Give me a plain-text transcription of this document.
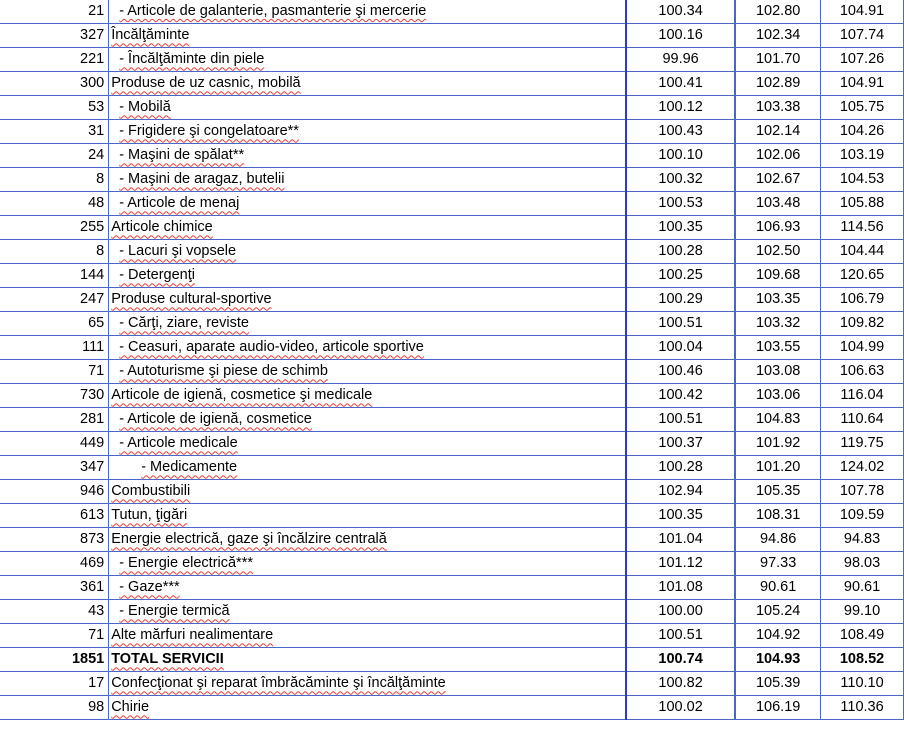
21	- Articole de galanterie, pasmanterie şi mercerie	100.34		102.80	104.91
327	Încălţăminte	100.16		102.34	107.74
221	- Încălţăminte din piele	99.96		101.70	107.26
300	Produse de uz casnic, mobilă	100.41		102.89	104.91
53	- Mobilă	100.12		103.38	105.75
31	- Frigidere şi congelatoare**	100.43		102.14	104.26
24	- Maşini de spălat**	100.10		102.06	103.19
8	- Maşini de aragaz, butelii	100.32		102.67	104.53
48	- Articole de menaj	100.53		103.48	105.88
255	Articole chimice	100.35		106.93	114.56
8	- Lacuri şi vopsele	100.28		102.50	104.44
144	- Detergenţi	100.25		109.68	120.65
247	Produse cultural-sportive	100.29		103.35	106.79
65	- Cărţi, ziare, reviste	100.51		103.32	109.82
111	- Ceasuri, aparate audio-video, articole sportive	100.04		103.55	104.99
71	- Autoturisme şi piese de schimb	100.46		103.08	106.63
730	Articole de igienă, cosmetice şi medicale	100.42		103.06	116.04
281	- Articole de igienă, cosmetice	100.51		104.83	110.64
449	- Articole medicale	100.37		101.92	119.75
347	- Medicamente	100.28		101.20	124.02
946	Combustibili	102.94		105.35	107.78
613	Tutun, ţigări	100.35		108.31	109.59
873	Energie electrică, gaze şi încălzire centrală	101.04		94.86	94.83
469	- Energie electrică***	101.12		97.33	98.03
361	- Gaze***	101.08		90.61	90.61
43	- Energie termică	100.00		105.24	99.10
71	Alte mărfuri nealimentare	100.51		104.92	108.49
1851	TOTAL SERVICII	100.74		104.93	108.52
17	Confecţionat şi reparat îmbrăcăminte şi încălţăminte	100.82		105.39	110.10
98	Chirie	100.02		106.19	110.36
